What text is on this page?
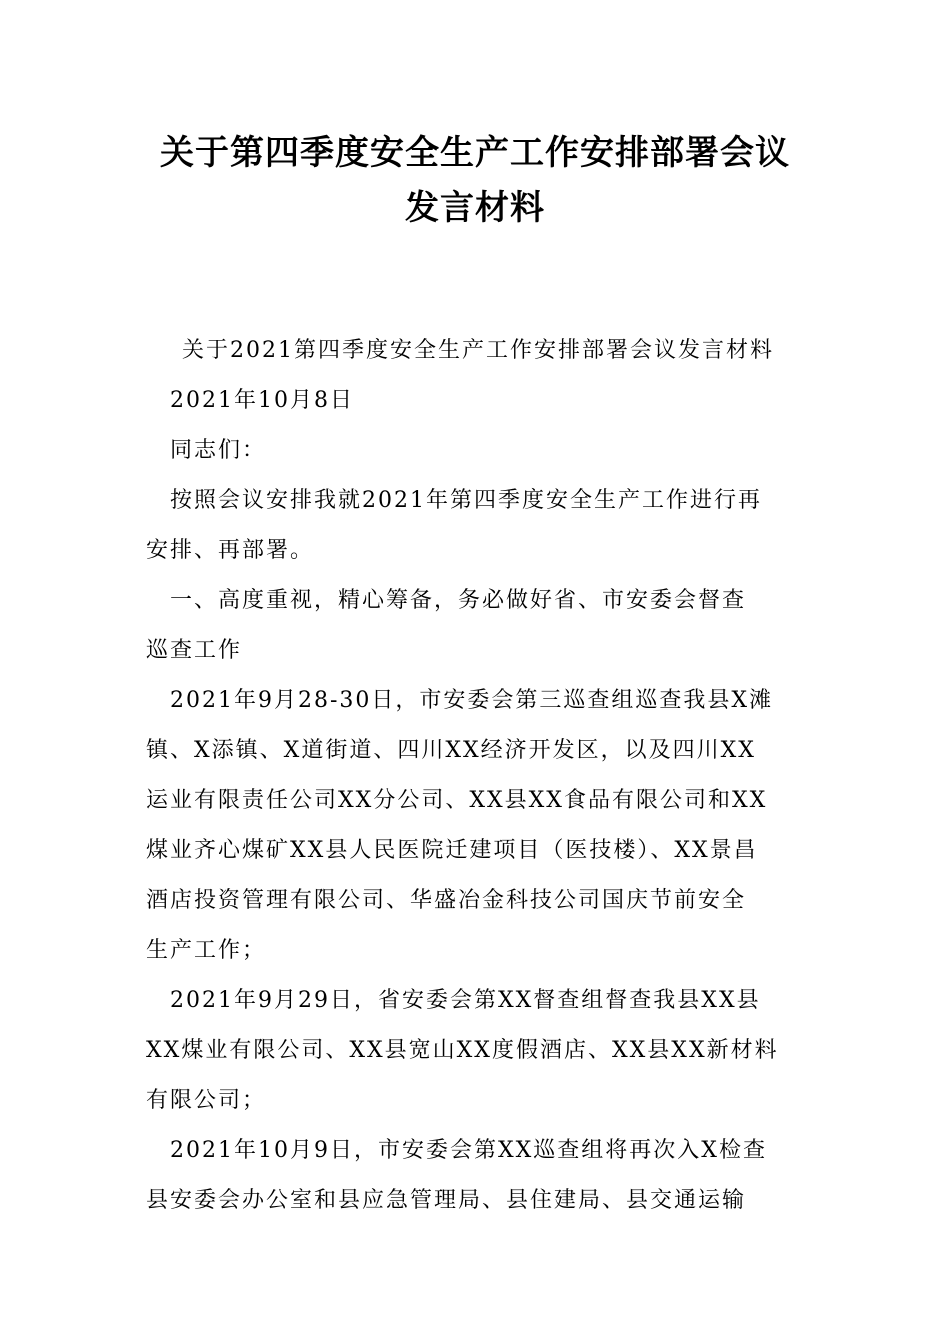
关于第四季度安全生产工作安排部署会议
发言材料
关于2021第四季度安全生产工作安排部署会议发言材料
2021年10月8日
同志们：
按照会议安排我就2021年第四季度安全生产工作进行再
安排、再部署。
一、高度重视，精心筹备，务必做好省、市安委会督查
巡查工作
2021年9月28-30日，市安委会第三巡查组巡查我县X滩
镇、X添镇、X道街道、四川XX经济开发区，以及四川XX
运业有限责任公司XX分公司、XX县XX食品有限公司和XX
煤业齐心煤矿XX县人民医院迁建项目（医技楼）、XX景昌
酒店投资管理有限公司、华盛冶金科技公司国庆节前安全
生产工作；
2021年9月29日，省安委会第XX督查组督查我县XX县
XX煤业有限公司、XX县宽山XX度假酒店、XX县XX新材料
有限公司；
2021年10月9日，市安委会第XX巡查组将再次入X检查
县安委会办公室和县应急管理局、县住建局、县交通运输
